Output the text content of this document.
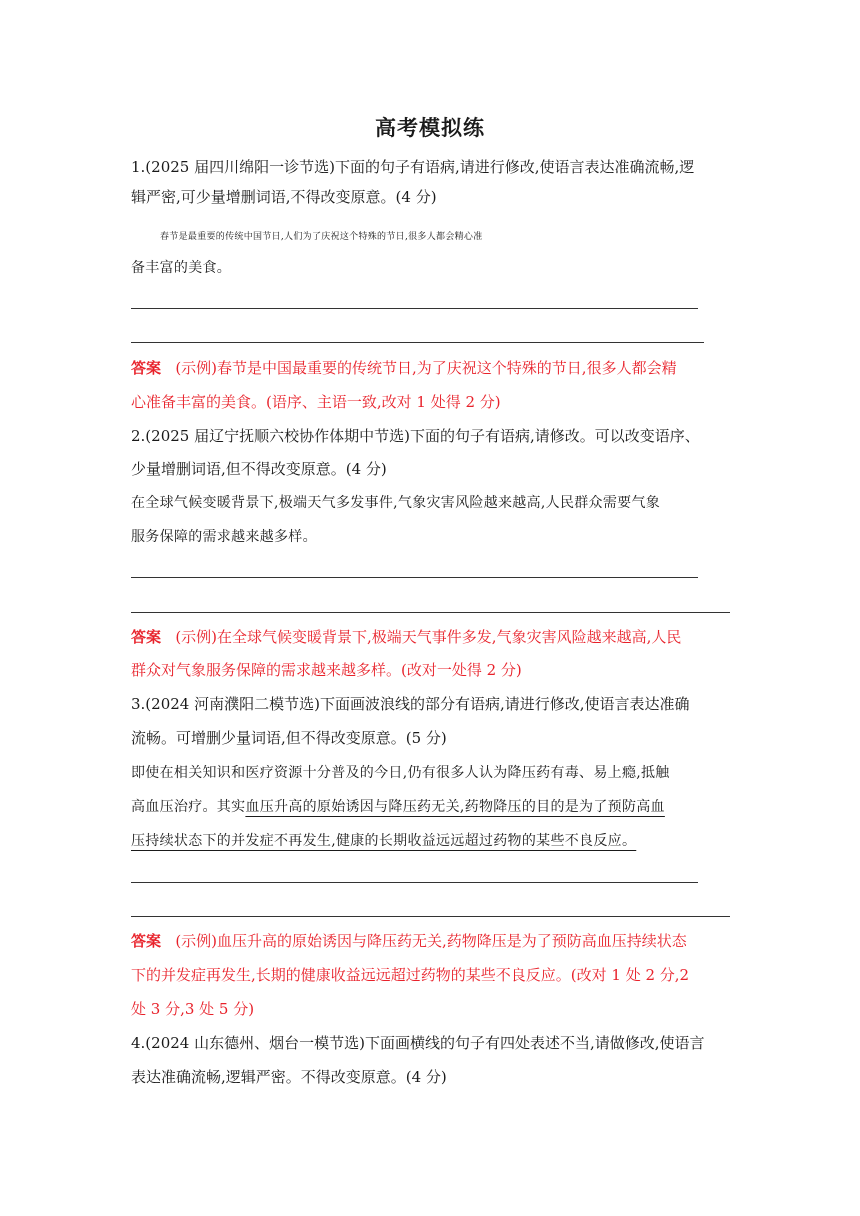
高考模拟练
1.(2025 届四川绵阳一诊节选)下面的句子有语病,请进行修改,使语言表达准确流畅,逻
辑严密,可少量增删词语,不得改变原意。(4 分)
春节是最重要的传统中国节日,人们为了庆祝这个特殊的节日,很多人都会精心准
备丰富的美食。
答案 (示例)春节是中国最重要的传统节日,为了庆祝这个特殊的节日,很多人都会精
心准备丰富的美食。(语序、主语一致,改对 1 处得 2 分)
2.(2025 届辽宁抚顺六校协作体期中节选)下面的句子有语病,请修改。可以改变语序、
少量增删词语,但不得改变原意。(4 分)
在全球气候变暖背景下,极端天气多发事件,气象灾害风险越来越高,人民群众需要气象
服务保障的需求越来越多样。
答案 (示例)在全球气候变暖背景下,极端天气事件多发,气象灾害风险越来越高,人民
群众对气象服务保障的需求越来越多样。(改对一处得 2 分)
3.(2024 河南濮阳二模节选)下面画波浪线的部分有语病,请进行修改,使语言表达准确
流畅。可增删少量词语,但不得改变原意。(5 分)
即使在相关知识和医疗资源十分普及的今日,仍有很多人认为降压药有毒、易上瘾,抵触
高血压治疗。其实血压升高的原始诱因与降压药无关,药物降压的目的是为了预防高血
压持续状态下的并发症不再发生,健康的长期收益远远超过药物的某些不良反应。
答案 (示例)血压升高的原始诱因与降压药无关,药物降压是为了预防高血压持续状态
下的并发症再发生,长期的健康收益远远超过药物的某些不良反应。(改对 1 处 2 分,2
处 3 分,3 处 5 分)
4.(2024 山东德州、烟台一模节选)下面画横线的句子有四处表述不当,请做修改,使语言
表达准确流畅,逻辑严密。不得改变原意。(4 分)
